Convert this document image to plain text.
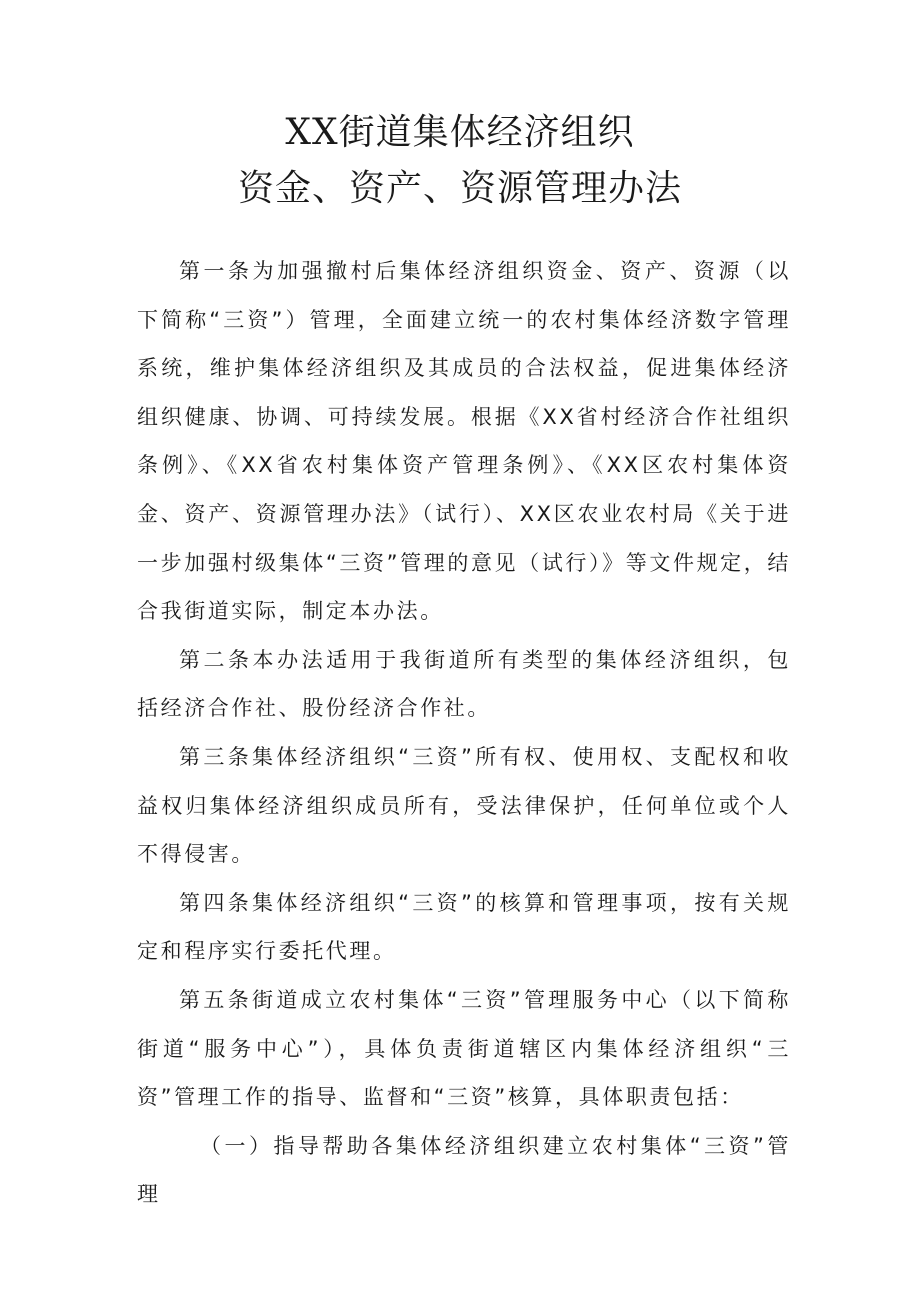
XX街道集体经济组织
资金、资产、资源管理办法

第一条为加强撤村后集体经济组织资金、资产、资源（以下简称“三资”）管理，全面建立统一的农村集体经济数字管理系统，维护集体经济组织及其成员的合法权益，促进集体经济组织健康、协调、可持续发展。根据《XX省村经济合作社组织条例》、《XX省农村集体资产管理条例》、《XX区农村集体资金、资产、资源管理办法》（试行）、XX区农业农村局《关于进一步加强村级集体“三资”管理的意见（试行）》等文件规定，结合我街道实际，制定本办法。

第二条本办法适用于我街道所有类型的集体经济组织，包括经济合作社、股份经济合作社。

第三条集体经济组织“三资”所有权、使用权、支配权和收益权归集体经济组织成员所有，受法律保护，任何单位或个人不得侵害。

第四条集体经济组织“三资”的核算和管理事项，按有关规定和程序实行委托代理。

第五条街道成立农村集体“三资”管理服务中心（以下简称街道“服务中心”），具体负责街道辖区内集体经济组织“三资”管理工作的指导、监督和“三资”核算，具体职责包括：

（一）指导帮助各集体经济组织建立农村集体“三资”管理
